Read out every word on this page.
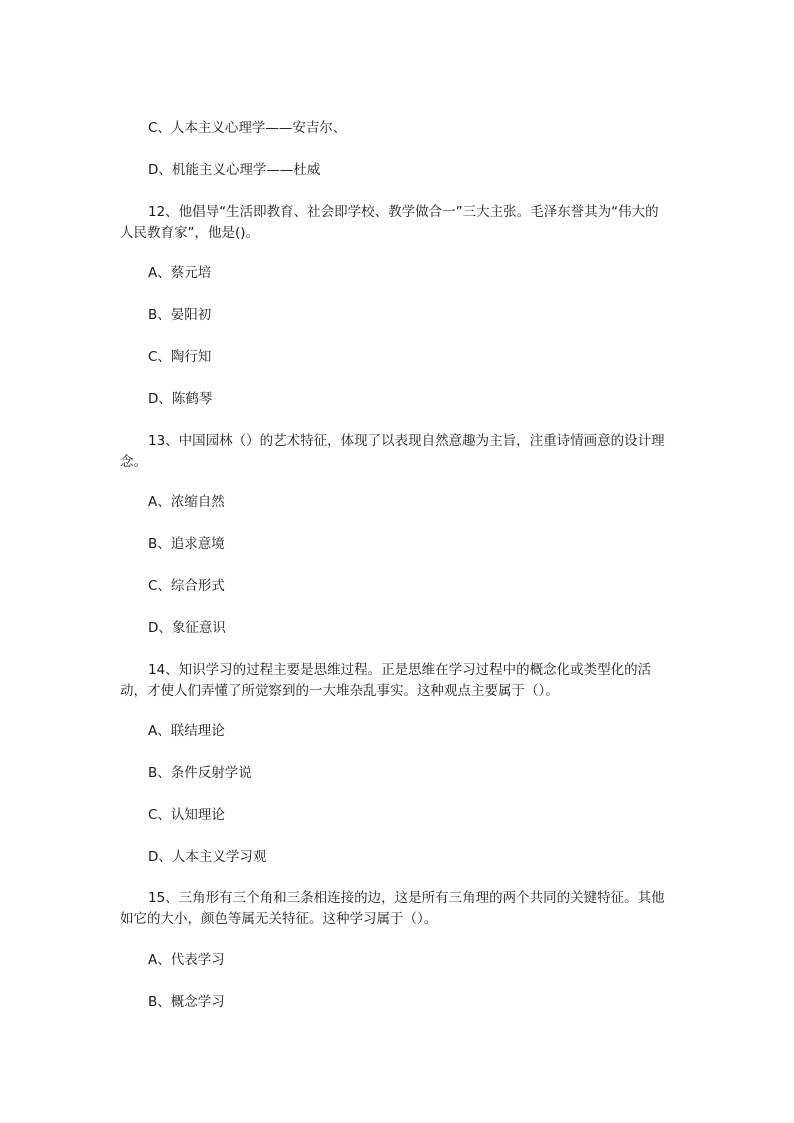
C、人本主义心理学——安吉尔、
D、机能主义心理学——杜威
12、他倡导“生活即教育、社会即学校、教学做合一”三大主张。毛泽东誉其为“伟大的人民教育家”，他是()。
A、蔡元培
B、晏阳初
C、陶行知
D、陈鹤琴
13、中国园林（）的艺术特征，体现了以表现自然意趣为主旨，注重诗情画意的设计理念。
A、浓缩自然
B、追求意境
C、综合形式
D、象征意识
14、知识学习的过程主要是思维过程。正是思维在学习过程中的概念化或类型化的活动，才使人们弄懂了所觉察到的一大堆杂乱事实。这种观点主要属于（）。
A、联结理论
B、条件反射学说
C、认知理论
D、人本主义学习观
15、三角形有三个角和三条相连接的边，这是所有三角理的两个共同的关键特征。其他如它的大小，颜色等属无关特征。这种学习属于（）。
A、代表学习
B、概念学习
